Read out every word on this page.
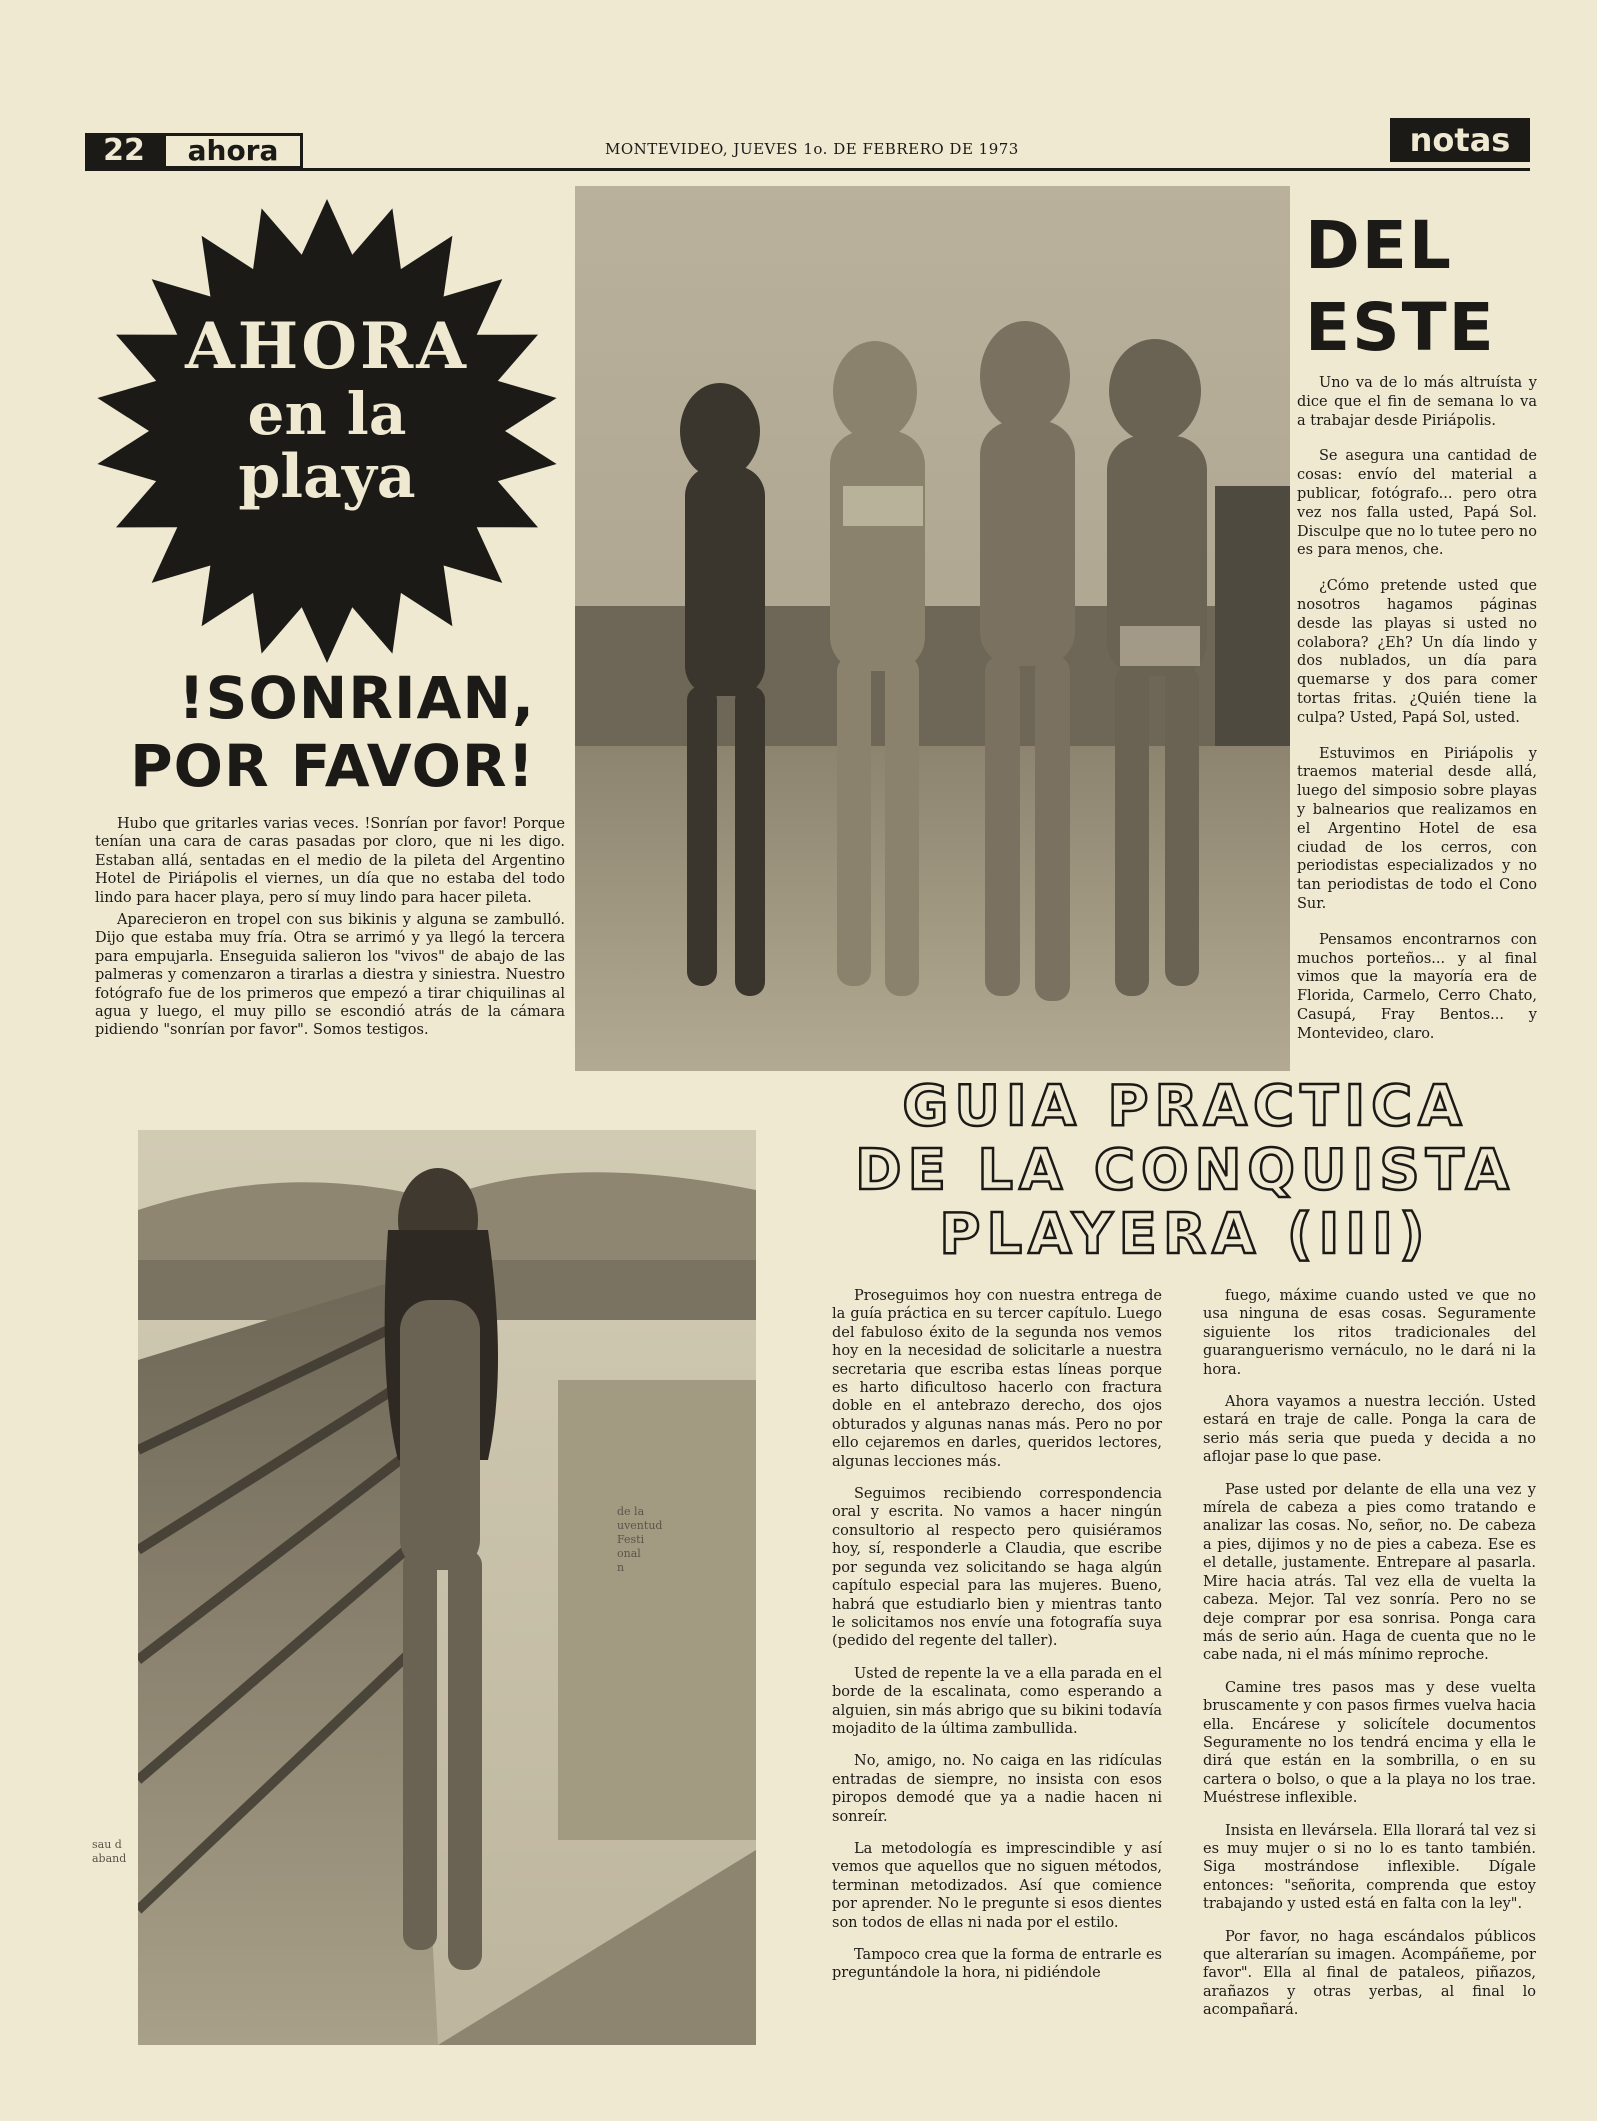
22	ahora	MONTEVIDEO, JUEVES 1o. DE FEBRERO DE 1973	notas
AHORA
en la
playa
!SONRIAN,
POR FAVOR!

Hubo que gritarles varias veces. !Sonrían por favor! Porque tenían una cara de caras pasadas por cloro, que ni les digo. Estaban allá, sentadas en el medio de la pileta del Argentino Hotel de Piriápolis el viernes, un día que no estaba del todo lindo para hacer playa, pero sí muy lindo para hacer pileta.

Aparecieron en tropel con sus bikinis y alguna se zambulló. Dijo que estaba muy fría. Otra se arrimó y ya llegó la tercera para empujarla. Enseguida salieron los "vivos" de abajo de las palmeras y comenzaron a tirarlas a diestra y siniestra. Nuestro fotógrafo fue de los primeros que empezó a tirar chiquilinas al agua y luego, el muy pillo se escondió atrás de la cámara pidiendo "sonrían por favor". Somos testigos.

DEL
ESTE

Uno va de lo más altruísta y dice que el fin de semana lo va a trabajar desde Piriápolis.

Se asegura una cantidad de cosas: envío del material a publicar, fotógrafo... pero otra vez nos falla usted, Papá Sol. Disculpe que no lo tutee pero no es para menos, che.

¿Cómo pretende usted que nosotros hagamos páginas desde las playas si usted no colabora? ¿Eh? Un día lindo y dos nublados, un día para quemarse y dos para comer tortas fritas. ¿Quién tiene la culpa? Usted, Papá Sol, usted.

Estuvimos en Piriápolis y traemos material desde allá, luego del simposio sobre playas y balnearios que realizamos en el Argentino Hotel de esa ciudad de los cerros, con periodistas especializados y no tan periodistas de todo el Cono Sur.

Pensamos encontrarnos con muchos porteños... y al final vimos que la mayoría era de Florida, Carmelo, Cerro Chato, Casupá, Fray Bentos... y Montevideo, claro.

GUIA PRACTICA
DE LA CONQUISTA
PLAYERA (III)

Proseguimos hoy con nuestra entrega de la guía práctica en su tercer capítulo. Luego del fabuloso éxito de la segunda nos vemos hoy en la necesidad de solicitarle a nuestra secretaria que escriba estas líneas porque es harto dificultoso hacerlo con fractura doble en el antebrazo derecho, dos ojos obturados y algunas nanas más. Pero no por ello cejaremos en darles, queridos lectores, algunas lecciones más.

Seguimos recibiendo correspondencia oral y escrita. No vamos a hacer ningún consultorio al respecto pero quisiéramos hoy, sí, responderle a Claudia, que escribe por segunda vez solicitando se haga algún capítulo especial para las mujeres. Bueno, habrá que estudiarlo bien y mientras tanto le solicitamos nos envíe una fotografía suya (pedido del regente del taller).

Usted de repente la ve a ella parada en el borde de la escalinata, como esperando a alguien, sin más abrigo que su bikini todavía mojadito de la última zambullida.

No, amigo, no. No caiga en las ridículas entradas de siempre, no insista con esos piropos demodé que ya a nadie hacen ni sonreír.

La metodología es imprescindible y así vemos que aquellos que no siguen métodos, terminan metodizados. Así que comience por aprender. No le pregunte si esos dientes son todos de ellas ni nada por el estilo.

Tampoco crea que la forma de entrarle es preguntándole la hora, ni pidiéndole

fuego, máxime cuando usted ve que no usa ninguna de esas cosas. Seguramente siguiente los ritos tradicionales del guaranguerismo vernáculo, no le dará ni la hora.

Ahora vayamos a nuestra lección. Usted estará en traje de calle. Ponga la cara de serio más seria que pueda y decida a no aflojar pase lo que pase.

Pase usted por delante de ella una vez y mírela de cabeza a pies como tratando e analizar las cosas. No, señor, no. De cabeza a pies, dijimos y no de pies a cabeza. Ese es el detalle, justamente. Entrepare al pasarla. Mire hacia atrás. Tal vez ella de vuelta la cabeza. Mejor. Tal vez sonría. Pero no se deje comprar por esa sonrisa. Ponga cara más de serio aún. Haga de cuenta que no le cabe nada, ni el más mínimo reproche.

Camine tres pasos mas y dese vuelta bruscamente y con pasos firmes vuelva hacia ella. Encárese y solicítele documentos Seguramente no los tendrá encima y ella le dirá que están en la sombrilla, o en su cartera o bolso, o que a la playa no los trae. Muéstrese inflexible.

Insista en llevársela. Ella llorará tal vez si es muy mujer o si no lo es tanto también. Siga mostrándose inflexible. Dígale entonces: "señorita, comprenda que estoy trabajando y usted está en falta con la ley".

Por favor, no haga escándalos públicos que alterarían su imagen. Acompáñeme, por favor". Ella al final de pataleos, piñazos, arañazos y otras yerbas, al final lo acompañará.

de la
uventud
Festi
onal
n
sau d
aband
